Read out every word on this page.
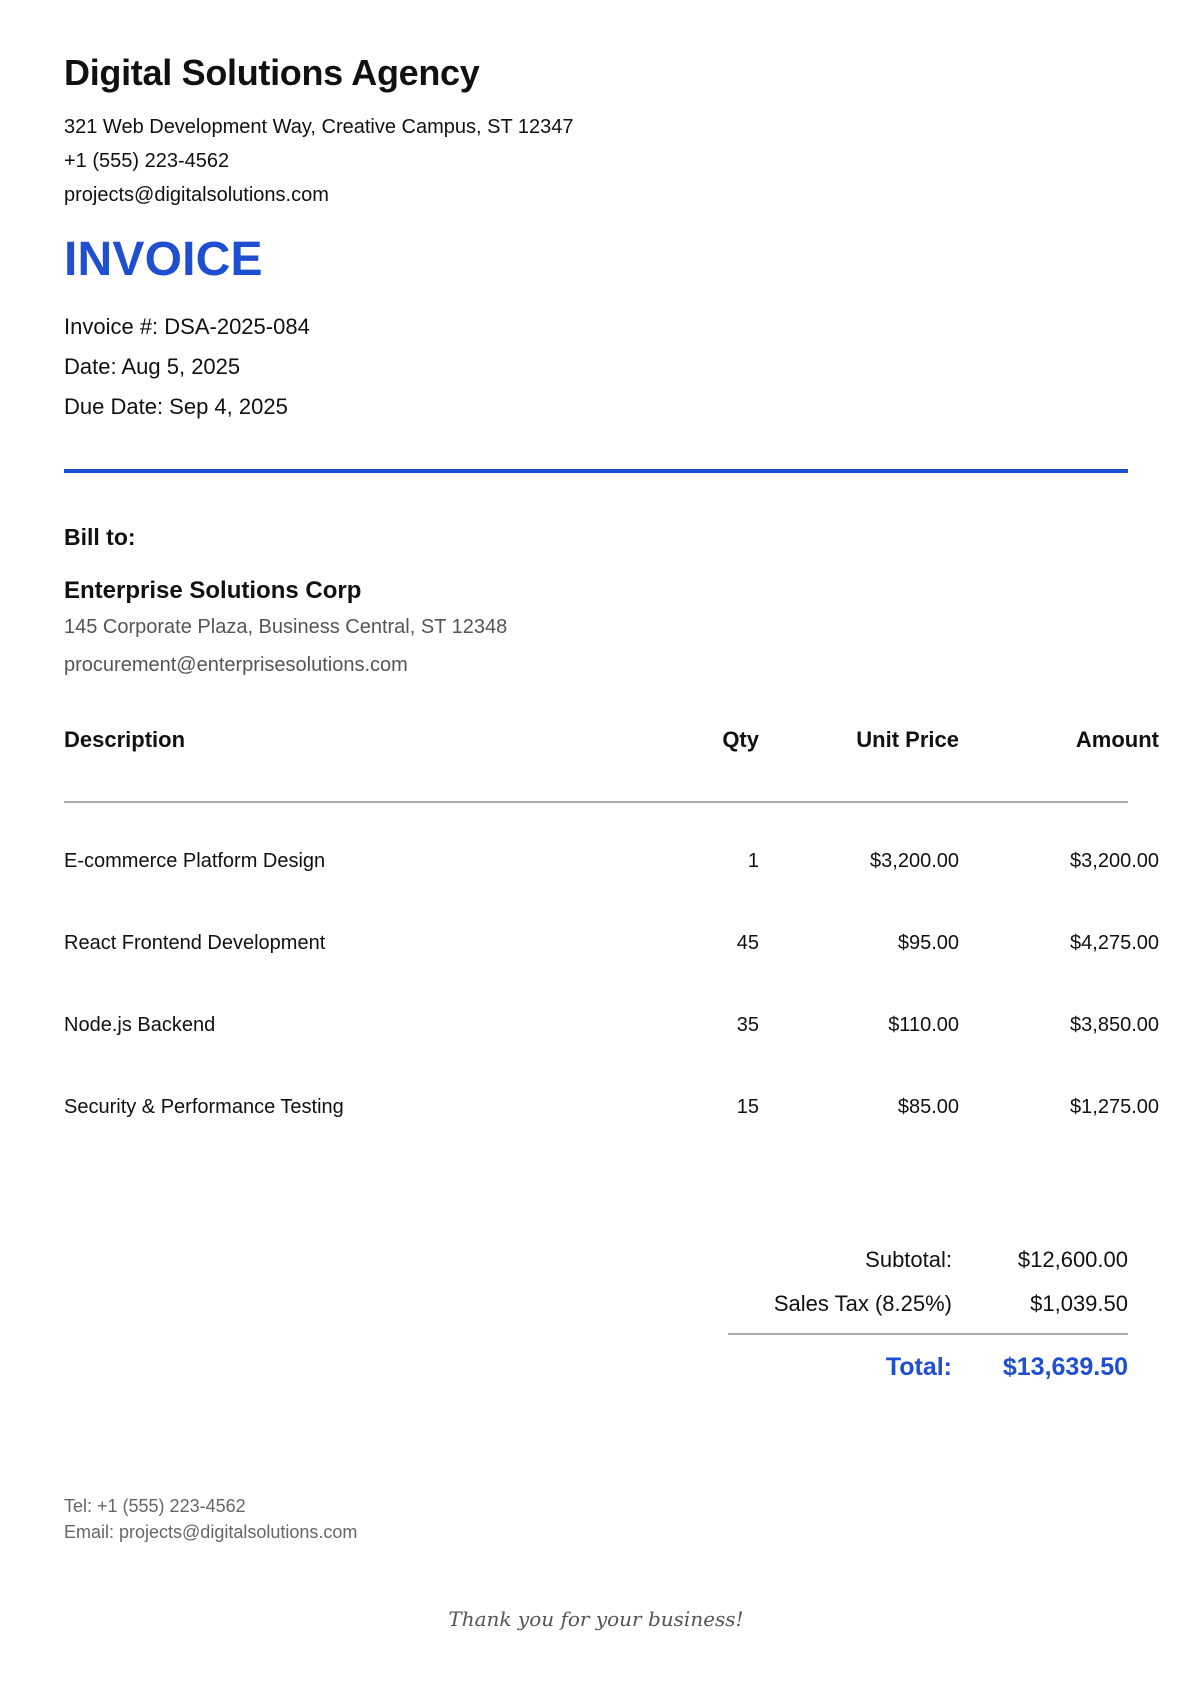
Digital Solutions Agency
321 Web Development Way, Creative Campus, ST 12347
+1 (555) 223-4562
projects@digitalsolutions.com
INVOICE
Invoice #: DSA-2025-084
Date: Aug 5, 2025
Due Date: Sep 4, 2025
Bill to:
Enterprise Solutions Corp
145 Corporate Plaza, Business Central, ST 12348
procurement@enterprisesolutions.com
Description	Qty	Unit Price	Amount
E-commerce Platform Design	1	$3,200.00	$3,200.00
React Frontend Development	45	$95.00	$4,275.00
Node.js Backend	35	$110.00	$3,850.00
Security & Performance Testing	15	$85.00	$1,275.00
Subtotal:	$12,600.00
Sales Tax (8.25%)	$1,039.50
Total:	$13,639.50
Tel: +1 (555) 223-4562
Email: projects@digitalsolutions.com
Thank you for your business!
